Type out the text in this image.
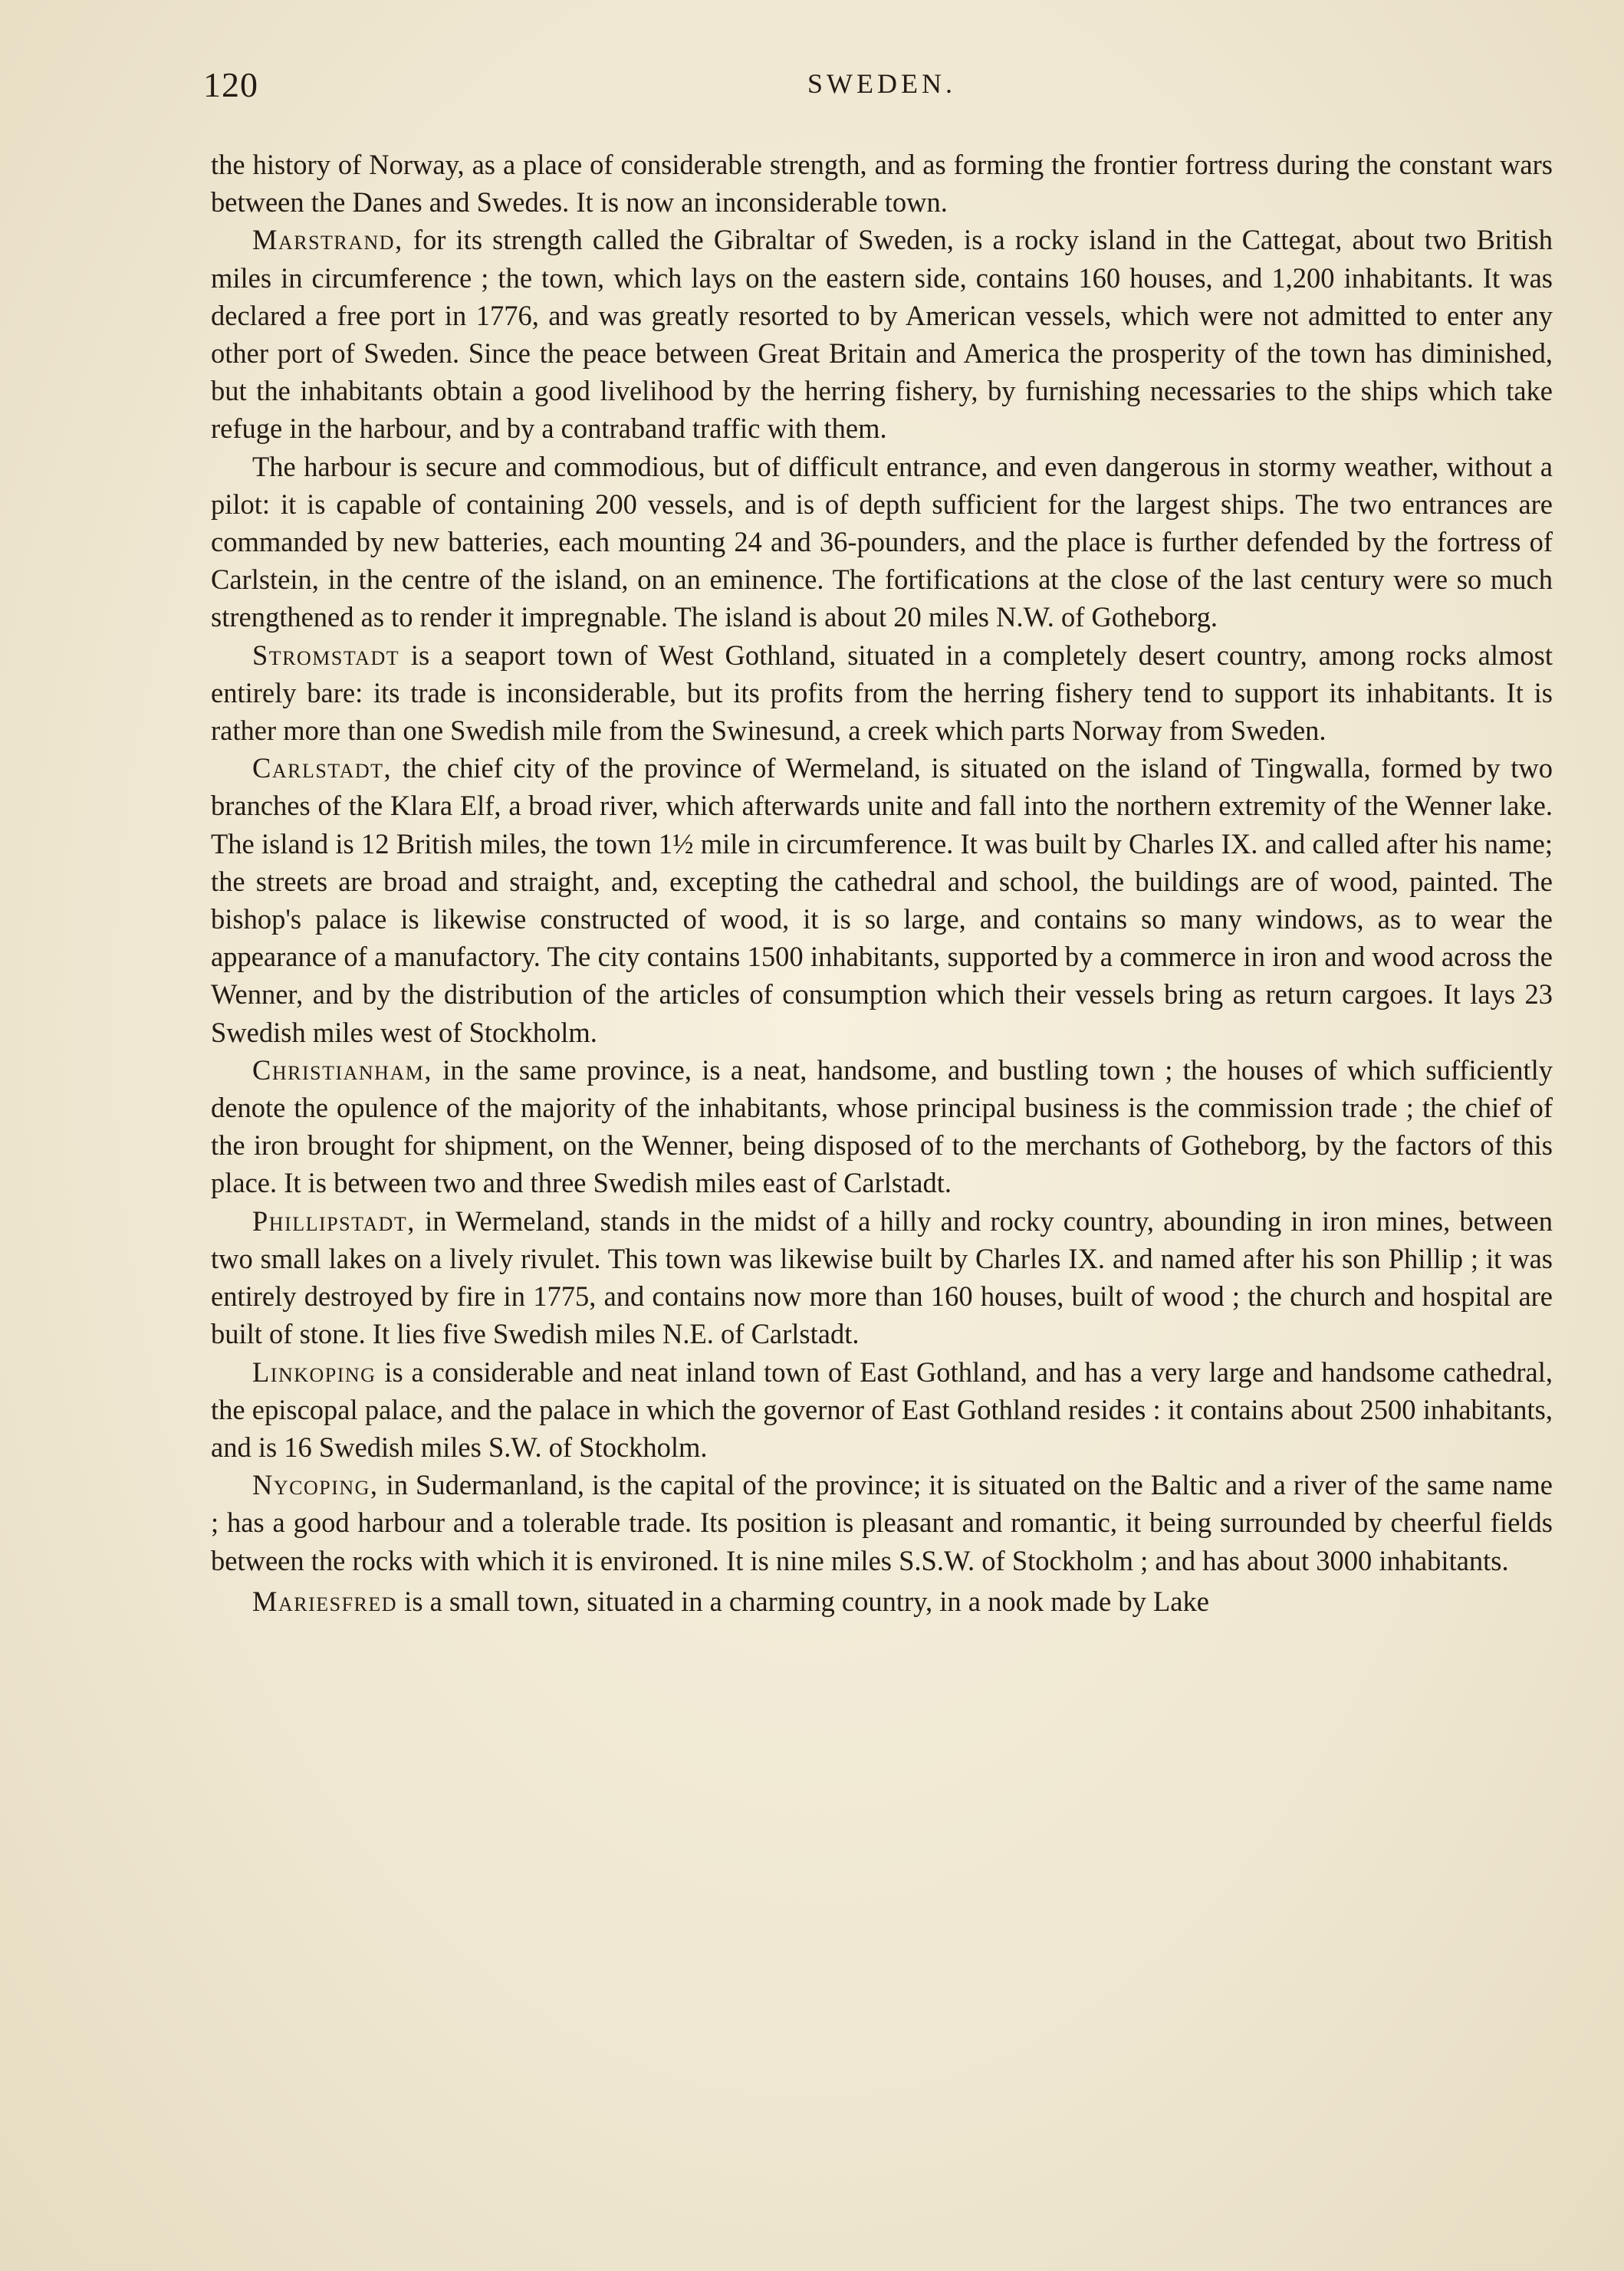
120	SWEDEN.

the history of Norway, as a place of considerable strength, and as forming the frontier fortress during the constant wars between the Danes and Swedes. It is now an inconsiderable town.

Marstrand, for its strength called the Gibraltar of Sweden, is a rocky island in the Cattegat, about two British miles in circumference ; the town, which lays on the eastern side, contains 160 houses, and 1,200 inhabitants. It was declared a free port in 1776, and was greatly resorted to by American vessels, which were not admitted to enter any other port of Sweden. Since the peace between Great Britain and America the prosperity of the town has diminished, but the inhabitants obtain a good livelihood by the herring fishery, by furnishing necessaries to the ships which take refuge in the harbour, and by a contraband traffic with them.

The harbour is secure and commodious, but of difficult entrance, and even dangerous in stormy weather, without a pilot: it is capable of containing 200 vessels, and is of depth sufficient for the largest ships. The two entrances are commanded by new batteries, each mounting 24 and 36-pounders, and the place is further defended by the fortress of Carlstein, in the centre of the island, on an eminence. The fortifications at the close of the last century were so much strengthened as to render it impregnable. The island is about 20 miles N.W. of Gotheborg.

Stromstadt is a seaport town of West Gothland, situated in a completely desert country, among rocks almost entirely bare: its trade is inconsiderable, but its profits from the herring fishery tend to support its inhabitants. It is rather more than one Swedish mile from the Swinesund, a creek which parts Norway from Sweden.

Carlstadt, the chief city of the province of Wermeland, is situated on the island of Tingwalla, formed by two branches of the Klara Elf, a broad river, which afterwards unite and fall into the northern extremity of the Wenner lake. The island is 12 British miles, the town 1½ mile in circumference. It was built by Charles IX. and called after his name; the streets are broad and straight, and, excepting the cathedral and school, the buildings are of wood, painted. The bishop's palace is likewise constructed of wood, it is so large, and contains so many windows, as to wear the appearance of a manufactory. The city contains 1500 inhabitants, supported by a commerce in iron and wood across the Wenner, and by the distribution of the articles of consumption which their vessels bring as return cargoes. It lays 23 Swedish miles west of Stockholm.

Christianham, in the same province, is a neat, handsome, and bustling town ; the houses of which sufficiently denote the opulence of the majority of the inhabitants, whose principal business is the commission trade ; the chief of the iron brought for shipment, on the Wenner, being disposed of to the merchants of Gotheborg, by the factors of this place. It is between two and three Swedish miles east of Carlstadt.

Phillipstadt, in Wermeland, stands in the midst of a hilly and rocky country, abounding in iron mines, between two small lakes on a lively rivulet. This town was likewise built by Charles IX. and named after his son Phillip ; it was entirely destroyed by fire in 1775, and contains now more than 160 houses, built of wood ; the church and hospital are built of stone. It lies five Swedish miles N.E. of Carlstadt.

Linkoping is a considerable and neat inland town of East Gothland, and has a very large and handsome cathedral, the episcopal palace, and the palace in which the governor of East Gothland resides : it contains about 2500 inhabitants, and is 16 Swedish miles S.W. of Stockholm.

Nycoping, in Sudermanland, is the capital of the province; it is situated on the Baltic and a river of the same name ; has a good harbour and a tolerable trade. Its position is pleasant and romantic, it being surrounded by cheerful fields between the rocks with which it is environed. It is nine miles S.S.W. of Stockholm ; and has about 3000 inhabitants.

Mariesfred is a small town, situated in a charming country, in a nook made by Lake
